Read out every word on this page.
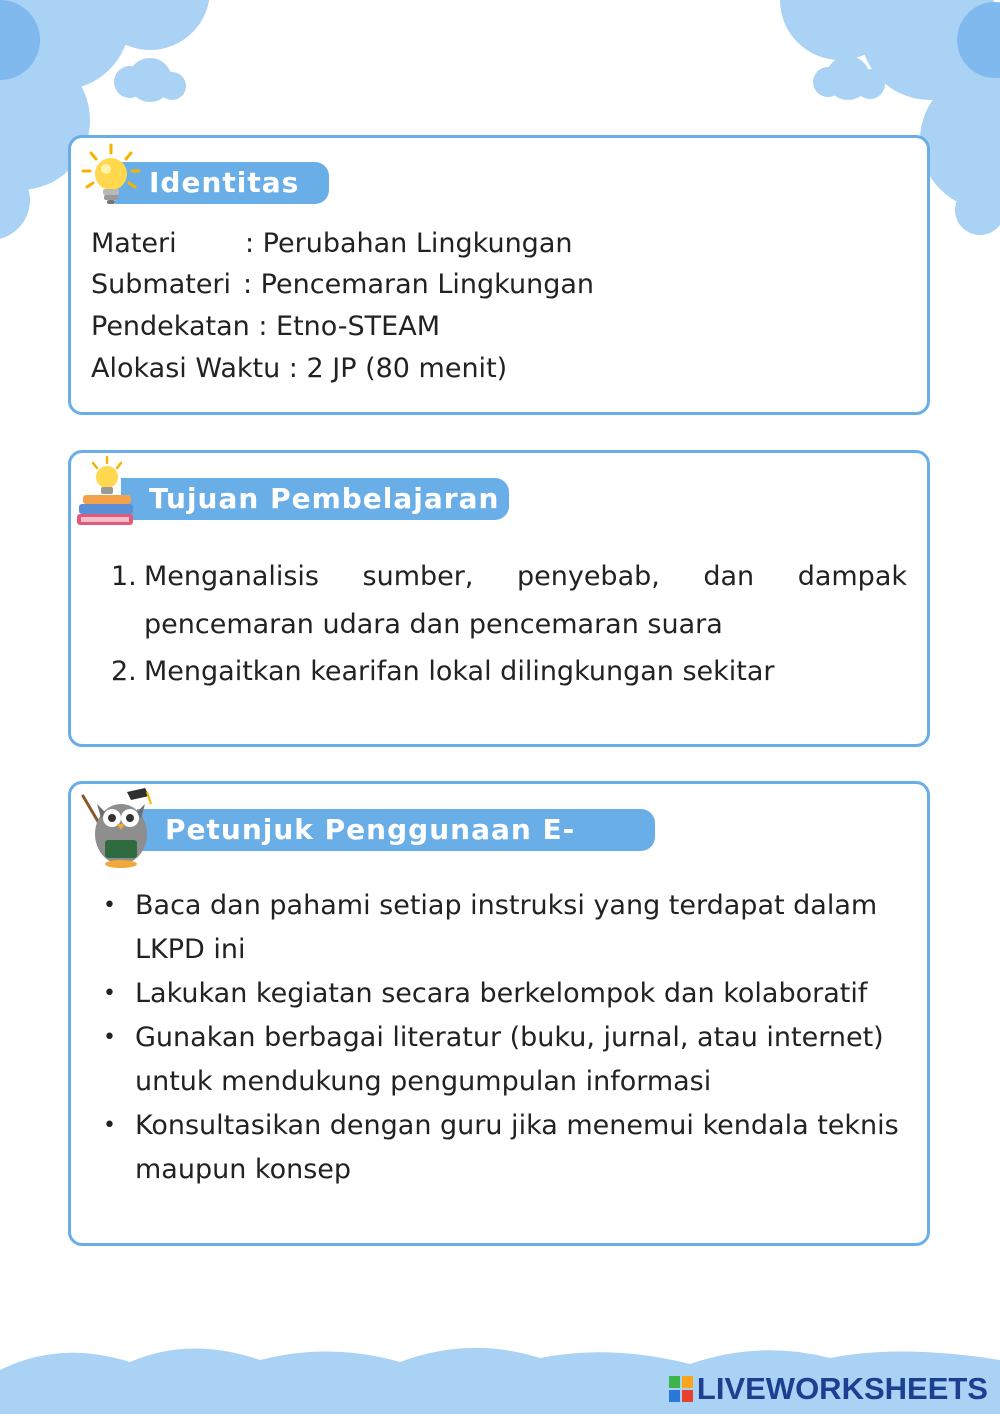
Identitas
Materi	: Perubahan Lingkungan
Submateri : Pencemaran Lingkungan
Pendekatan : Etno-STEAM
Alokasi Waktu : 2 JP (80 menit)
Tujuan Pembelajaran
1. Menganalisis sumber, penyebab, dan dampak pencemaran udara dan pencemaran suara
2. Mengaitkan kearifan lokal dilingkungan sekitar
Petunjuk Penggunaan E-LKPD
• Baca dan pahami setiap instruksi yang terdapat dalam LKPD ini
• Lakukan kegiatan secara berkelompok dan kolaboratif
• Gunakan berbagai literatur (buku, jurnal, atau internet) untuk mendukung pengumpulan informasi
• Konsultasikan dengan guru jika menemui kendala teknis maupun konsep
LIVEWORKSHEETS
